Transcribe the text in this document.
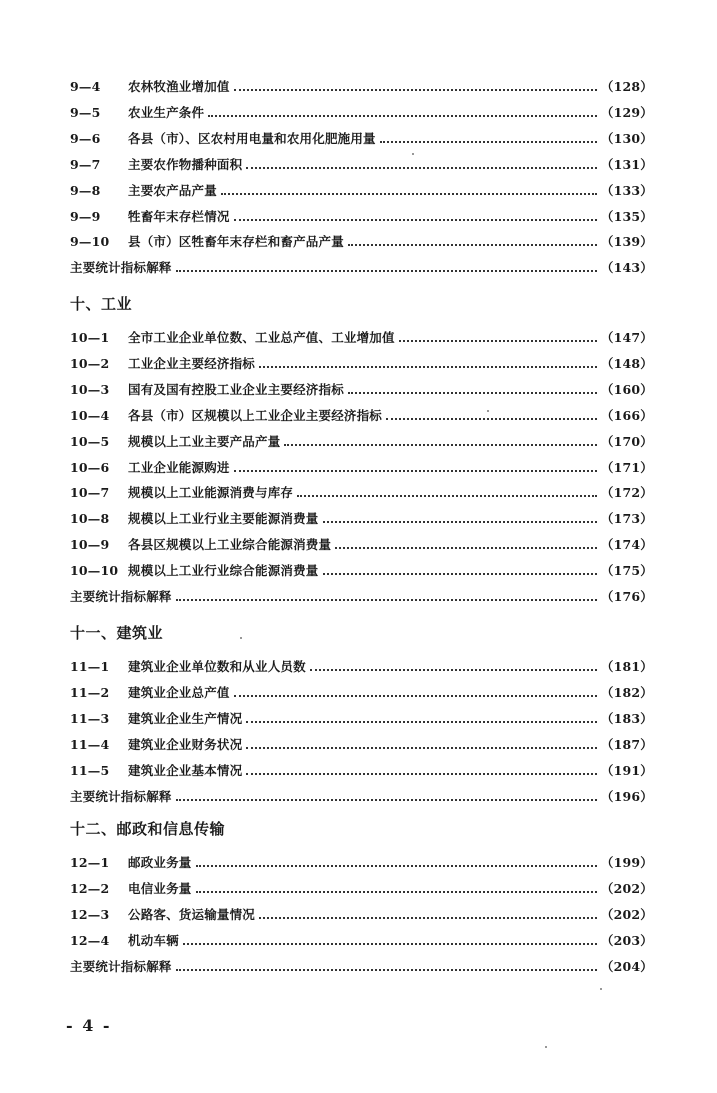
9—4	农林牧渔业增加值	（128）
9—5	农业生产条件	（129）
9—6	各县（市）、区农村用电量和农用化肥施用量	（130）
9—7	主要农作物播种面积	（131）
9—8	主要农产品产量	（133）
9—9	牲畜年末存栏情况	（135）
9—10	县（市）区牲畜年末存栏和畜产品产量	（139）
主要统计指标解释	（143）
十、工业
10—1	全市工业企业单位数、工业总产值、工业增加值	（147）
10—2	工业企业主要经济指标	（148）
10—3	国有及国有控股工业企业主要经济指标	（160）
10—4	各县（市）区规模以上工业企业主要经济指标	（166）
10—5	规模以上工业主要产品产量	（170）
10—6	工业企业能源购进	（171）
10—7	规模以上工业能源消费与库存	（172）
10—8	规模以上工业行业主要能源消费量	（173）
10—9	各县区规模以上工业综合能源消费量	（174）
10—10 规模以上工业行业综合能源消费量	（175）
主要统计指标解释	（176）
十一、建筑业
11—1	建筑业企业单位数和从业人员数	（181）
11—2	建筑业企业总产值	（182）
11—3	建筑业企业生产情况	（183）
11—4	建筑业企业财务状况	（187）
11—5	建筑业企业基本情况	（191）
主要统计指标解释	（196）
十二、邮政和信息传输
12—1	邮政业务量	（199）
12—2	电信业务量	（202）
12—3	公路客、货运输量情况	（202）
12—4	机动车辆	（203）
主要统计指标解释	（204）
- 4 -
